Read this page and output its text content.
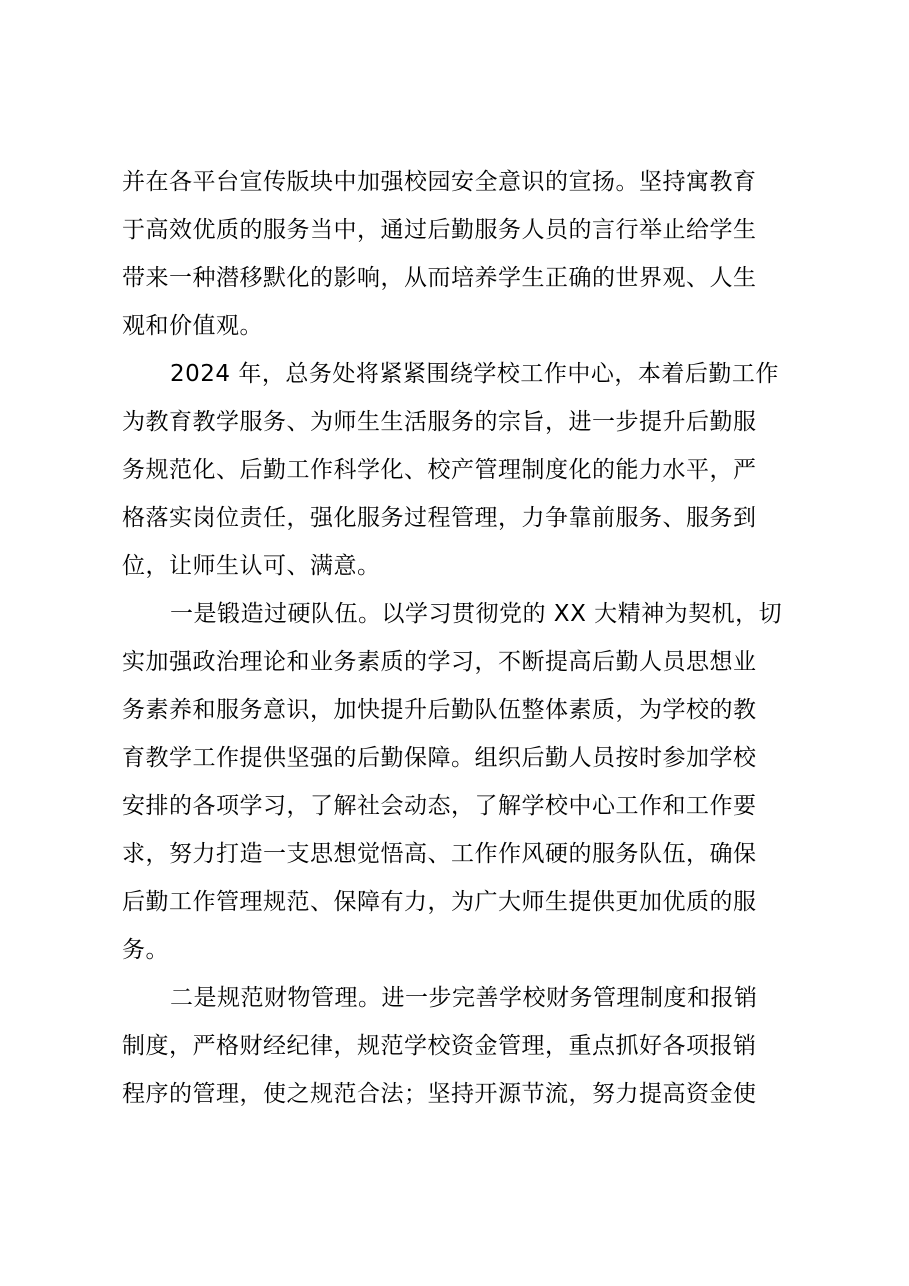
并在各平台宣传版块中加强校园安全意识的宣扬。坚持寓教育
于高效优质的服务当中，通过后勤服务人员的言行举止给学生
带来一种潜移默化的影响，从而培养学生正确的世界观、人生
观和价值观。
2024 年，总务处将紧紧围绕学校工作中心，本着后勤工作
为教育教学服务、为师生生活服务的宗旨，进一步提升后勤服
务规范化、后勤工作科学化、校产管理制度化的能力水平，严
格落实岗位责任，强化服务过程管理，力争靠前服务、服务到
位，让师生认可、满意。
一是锻造过硬队伍。以学习贯彻党的 XX 大精神为契机，切
实加强政治理论和业务素质的学习，不断提高后勤人员思想业
务素养和服务意识，加快提升后勤队伍整体素质，为学校的教
育教学工作提供坚强的后勤保障。组织后勤人员按时参加学校
安排的各项学习，了解社会动态，了解学校中心工作和工作要
求，努力打造一支思想觉悟高、工作作风硬的服务队伍，确保
后勤工作管理规范、保障有力，为广大师生提供更加优质的服
务。
二是规范财物管理。进一步完善学校财务管理制度和报销
制度，严格财经纪律，规范学校资金管理，重点抓好各项报销
程序的管理，使之规范合法；坚持开源节流，努力提高资金使
